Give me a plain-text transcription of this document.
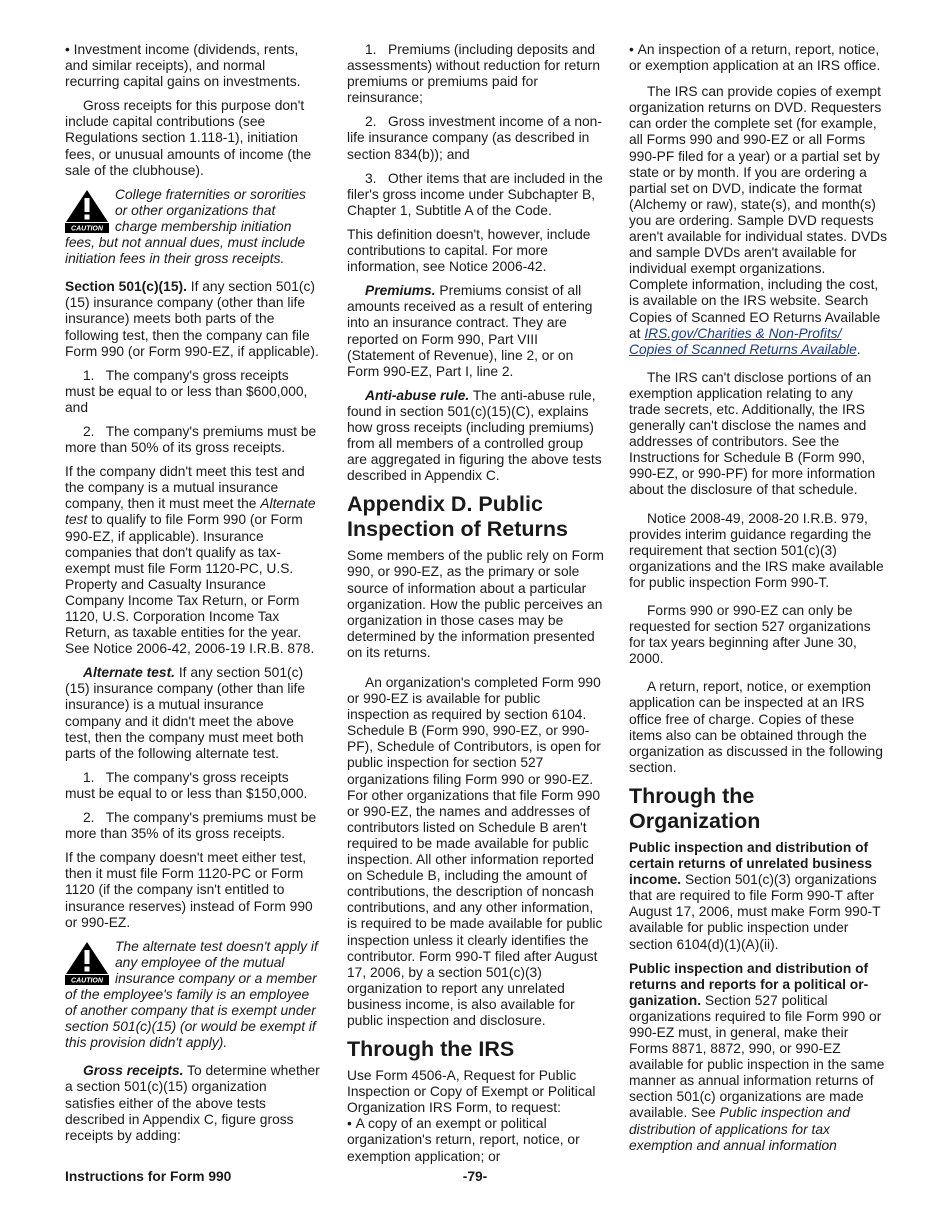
• Investment income (dividends, rents, and similar receipts), and normal recurring capital gains on investments.

Gross receipts for this purpose don't include capital contributions (see Regulations section 1.118-1), initiation fees, or unusual amounts of income (the sale of the clubhouse).

CAUTION
College fraternities or sororities or other organizations that charge membership initiation fees, but not annual dues, must include initiation fees in their gross receipts.

Section 501(c)(15). If any section 501(c)(15) insurance company (other than life insurance) meets both parts of the following test, then the company can file Form 990 (or Form 990-EZ, if applicable).

1.   The company's gross receipts must be equal to or less than $600,000, and

2.   The company's premiums must be more than 50% of its gross receipts.

If the company didn't meet this test and the company is a mutual insurance company, then it must meet the Alternate test to qualify to file Form 990 (or Form 990-EZ, if applicable). Insurance companies that don't qualify as tax-exempt must file Form 1120-PC, U.S. Property and Casualty Insurance Company Income Tax Return, or Form 1120, U.S. Corporation Income Tax Return, as taxable entities for the year. See Notice 2006-42, 2006-19 I.R.B. 878.

Alternate test. If any section 501(c)(15) insurance company (other than life insurance) is a mutual insurance company and it didn't meet the above test, then the company must meet both parts of the following alternate test.

1.   The company's gross receipts must be equal to or less than $150,000.

2.   The company's premiums must be more than 35% of its gross receipts.

If the company doesn't meet either test, then it must file Form 1120-PC or Form 1120 (if the company isn't entitled to insurance reserves) instead of Form 990 or 990-EZ.

CAUTION
The alternate test doesn't apply if any employee of the mutual insurance company or a member of the employee's family is an employee of another company that is exempt under section 501(c)(15) (or would be exempt if this provision didn't apply).

Gross receipts. To determine whether a section 501(c)(15) organization satisfies either of the above tests described in Appendix C, figure gross receipts by adding:

1.   Premiums (including deposits and assessments) without reduction for return premiums or premiums paid for reinsurance;

2.   Gross investment income of a non-life insurance company (as described in section 834(b)); and

3.   Other items that are included in the filer's gross income under Subchapter B, Chapter 1, Subtitle A of the Code.

This definition doesn't, however, include contributions to capital. For more information, see Notice 2006-42.

Premiums. Premiums consist of all amounts received as a result of entering into an insurance contract. They are reported on Form 990, Part VIII (Statement of Revenue), line 2, or on Form 990-EZ, Part I, line 2.

Anti-abuse rule. The anti-abuse rule, found in section 501(c)(15)(C), explains how gross receipts (including premiums) from all members of a controlled group are aggregated in figuring the above tests described in Appendix C.

Appendix D. Public Inspection of Returns

Some members of the public rely on Form 990, or 990-EZ, as the primary or sole source of information about a particular organization. How the public perceives an organization in those cases may be determined by the information presented on its returns.

An organization's completed Form 990 or 990-EZ is available for public inspection as required by section 6104. Schedule B (Form 990, 990-EZ, or 990-PF), Schedule of Contributors, is open for public inspection for section 527 organizations filing Form 990 or 990-EZ. For other organizations that file Form 990 or 990-EZ, the names and addresses of contributors listed on Schedule B aren't required to be made available for public inspection. All other information reported on Schedule B, including the amount of contributions, the description of noncash contributions, and any other information, is required to be made available for public inspection unless it clearly identifies the contributor. Form 990-T filed after August 17, 2006, by a section 501(c)(3) organization to report any unrelated business income, is also available for public inspection and disclosure.

Through the IRS

Use Form 4506-A, Request for Public Inspection or Copy of Exempt or Political Organization IRS Form, to request:

• A copy of an exempt or political organization's return, report, notice, or exemption application; or

• An inspection of a return, report, notice, or exemption application at an IRS office.

The IRS can provide copies of exempt organization returns on DVD. Requesters can order the complete set (for example, all Forms 990 and 990-EZ or all Forms 990-PF filed for a year) or a partial set by state or by month. If you are ordering a partial set on DVD, indicate the format (Alchemy or raw), state(s), and month(s) you are ordering. Sample DVD requests aren't available for individual states. DVDs and sample DVDs aren't available for individual exempt organizations. Complete information, including the cost, is available on the IRS website. Search Copies of Scanned EO Returns Available at IRS.gov/Charities & Non-Profits/ Copies of Scanned Returns Available.

The IRS can't disclose portions of an exemption application relating to any trade secrets, etc. Additionally, the IRS generally can't disclose the names and addresses of contributors. See the Instructions for Schedule B (Form 990, 990-EZ, or 990-PF) for more information about the disclosure of that schedule.

Notice 2008-49, 2008-20 I.R.B. 979, provides interim guidance regarding the requirement that section 501(c)(3) organizations and the IRS make available for public inspection Form 990-T.

Forms 990 or 990-EZ can only be requested for section 527 organizations for tax years beginning after June 30, 2000.

A return, report, notice, or exemption application can be inspected at an IRS office free of charge. Copies of these items also can be obtained through the organization as discussed in the following section.

Through the Organization

Public inspection and distribution of certain returns of unrelated business income. Section 501(c)(3) organizations that are required to file Form 990-T after August 17, 2006, must make Form 990-T available for public inspection under section 6104(d)(1)(A)(ii).

Public inspection and distribution of returns and reports for a political or-ganization. Section 527 political organizations required to file Form 990 or 990-EZ must, in general, make their Forms 8871, 8872, 990, or 990-EZ available for public inspection in the same manner as annual information returns of section 501(c) organizations are made available. See Public inspection and distribution of applications for tax exemption and annual information

-79-
Instructions for Form 990
